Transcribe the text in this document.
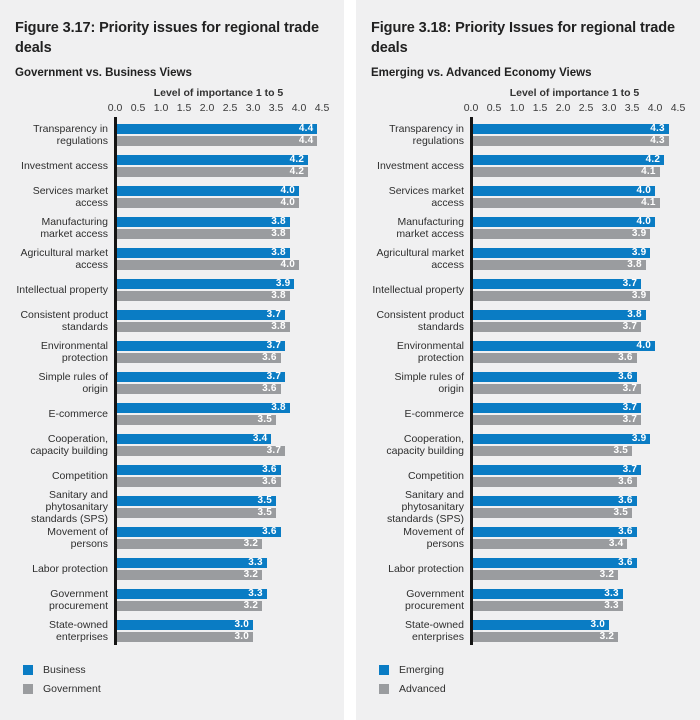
Figure 3.17: Priority issues for regional trade deals
Government vs. Business Views
Level of importance 1 to 5
0.0 0.5 1.0 1.5 2.0 2.5 3.0 3.5 4.0 4.5
Transparency in regulations
4.4
4.4
Investment access
4.2
4.2
Services market access
4.0
4.0
Manufacturing market access
3.8
3.8
Agricultural market access
3.8
4.0
Intellectual property
3.9
3.8
Consistent product standards
3.7
3.8
Environmental protection
3.7
3.6
Simple rules of origin
3.7
3.6
E-commerce
3.8
3.5
Cooperation, capacity building
3.4
3.7
Competition
3.6
3.6
Sanitary and phytosanitary standards (SPS)
3.5
3.5
Movement of persons
3.6
3.2
Labor protection
3.3
3.2
Government procurement
3.3
3.2
State-owned enterprises
3.0
3.0
Business
Government
Figure 3.18: Priority Issues for regional trade deals
Emerging vs. Advanced Economy Views
Level of importance 1 to 5
0.0 0.5 1.0 1.5 2.0 2.5 3.0 3.5 4.0 4.5
Transparency in regulations
4.3
4.3
Investment access
4.2
4.1
Services market access
4.0
4.1
Manufacturing market access
4.0
3.9
Agricultural market access
3.9
3.8
Intellectual property
3.7
3.9
Consistent product standards
3.8
3.7
Environmental protection
4.0
3.6
Simple rules of origin
3.6
3.7
E-commerce
3.7
3.7
Cooperation, capacity building
3.9
3.5
Competition
3.7
3.6
Sanitary and phytosanitary standards (SPS)
3.6
3.5
Movement of persons
3.6
3.4
Labor protection
3.6
3.2
Government procurement
3.3
3.3
State-owned enterprises
3.0
3.2
Emerging
Advanced
